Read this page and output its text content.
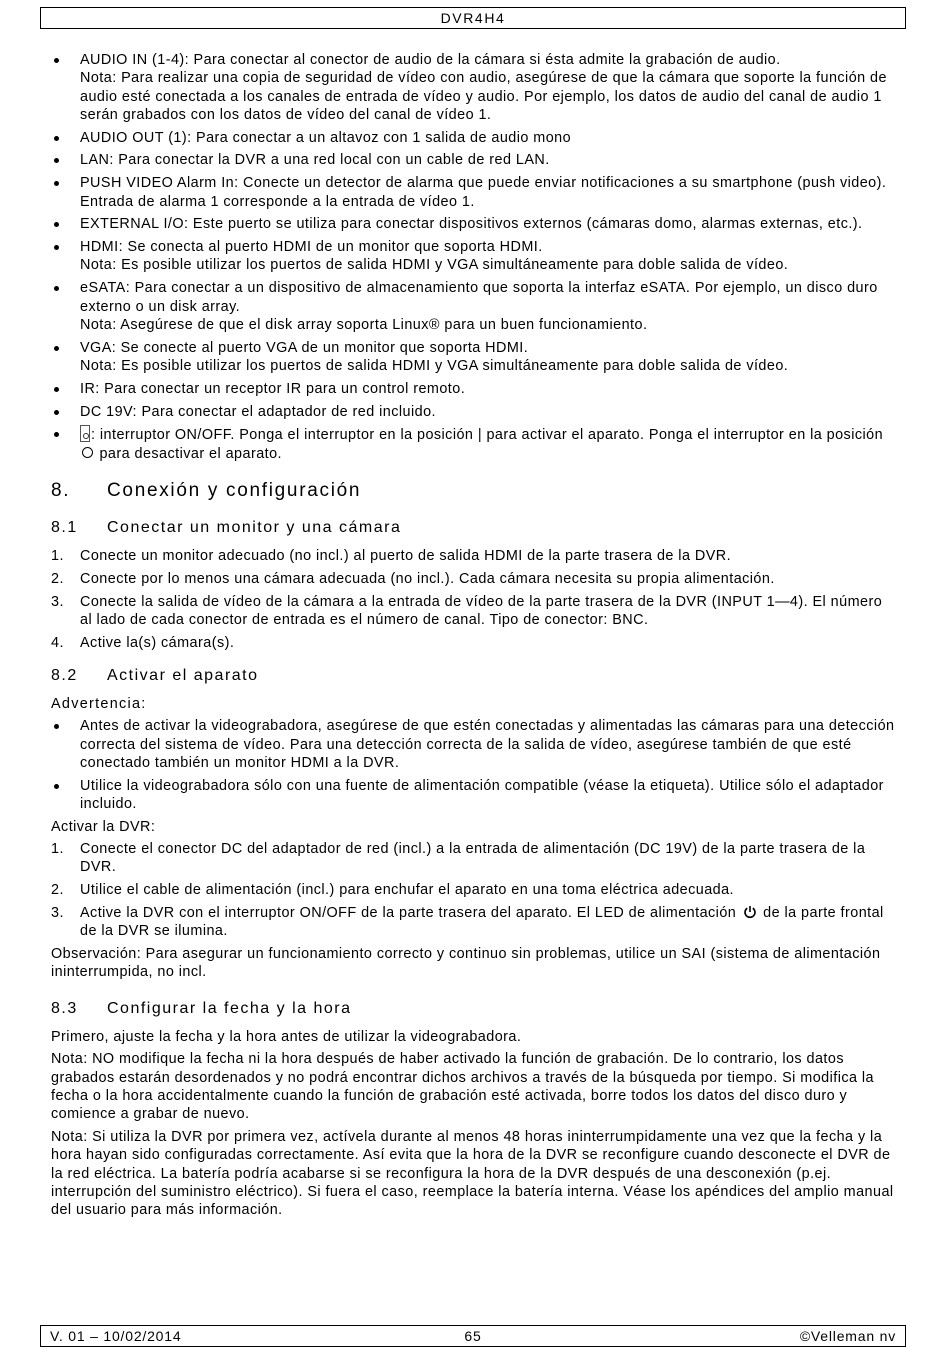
DVR4H4

AUDIO IN (1-4): Para conectar al conector de audio de la cámara si ésta admite la grabación de audio.

Nota: Para realizar una copia de seguridad de vídeo con audio, asegúrese de que la cámara que soporte la función de audio esté conectada a los canales de entrada de vídeo y audio. Por ejemplo, los datos de audio del canal de audio 1 serán grabados con los datos de vídeo del canal de vídeo 1.

AUDIO OUT (1): Para conectar a un altavoz con 1 salida de audio mono

LAN: Para conectar la DVR a una red local con un cable de red LAN.

PUSH VIDEO Alarm In: Conecte un detector de alarma que puede enviar notificaciones a su smartphone (push video). Entrada de alarma 1 corresponde a la entrada de vídeo 1.

EXTERNAL I/O: Este puerto se utiliza para conectar dispositivos externos (cámaras domo, alarmas externas, etc.).

HDMI: Se conecta al puerto HDMI de un monitor que soporta HDMI.

Nota: Es posible utilizar los puertos de salida HDMI y VGA simultáneamente para doble salida de vídeo.

eSATA: Para conectar a un dispositivo de almacenamiento que soporta la interfaz eSATA. Por ejemplo, un disco duro externo o un disk array.

Nota: Asegúrese de que el disk array soporta Linux® para un buen funcionamiento.

VGA: Se conecte al puerto VGA de un monitor que soporta HDMI.

Nota: Es posible utilizar los puertos de salida HDMI y VGA simultáneamente para doble salida de vídeo.

IR: Para conectar un receptor IR para un control remoto.

DC 19V: Para conectar el adaptador de red incluido.

: interruptor ON/OFF. Ponga el interruptor en la posición | para activar el aparato. Ponga el interruptor en la posición  para desactivar el aparato.

8. Conexión y configuración
8.1 Conectar un monitor y una cámara
1. Conecte un monitor adecuado (no incl.) al puerto de salida HDMI de la parte trasera de la DVR.
2. Conecte por lo menos una cámara adecuada (no incl.). Cada cámara necesita su propia alimentación.
3. Conecte la salida de vídeo de la cámara a la entrada de vídeo de la parte trasera de la DVR (INPUT 1—4). El número al lado de cada conector de entrada es el número de canal. Tipo de conector: BNC.
4. Active la(s) cámara(s).
8.2 Activar el aparato

Advertencia:

Antes de activar la videograbadora, asegúrese de que estén conectadas y alimentadas las cámaras para una detección correcta del sistema de vídeo. Para una detección correcta de la salida de vídeo, asegúrese también de que esté conectado también un monitor HDMI a la DVR.

Utilice la videograbadora sólo con una fuente de alimentación compatible (véase la etiqueta). Utilice sólo el adaptador incluido.

Activar la DVR:

1. Conecte el conector DC del adaptador de red (incl.) a la entrada de alimentación (DC 19V) de la parte trasera de la DVR.
2. Utilice el cable de alimentación (incl.) para enchufar el aparato en una toma eléctrica adecuada.
3. Active la DVR con el interruptor ON/OFF de la parte trasera del aparato. El LED de alimentación de la parte frontal de la DVR se ilumina.

Observación: Para asegurar un funcionamiento correcto y continuo sin problemas, utilice un SAI (sistema de alimentación ininterrumpida, no incl.

8.3 Configurar la fecha y la hora

Primero, ajuste la fecha y la hora antes de utilizar la videograbadora.

Nota: NO modifique la fecha ni la hora después de haber activado la función de grabación. De lo contrario, los datos grabados estarán desordenados y no podrá encontrar dichos archivos a través de la búsqueda por tiempo. Si modifica la fecha o la hora accidentalmente cuando la función de grabación esté activada, borre todos los datos del disco duro y comience a grabar de nuevo.

Nota: Si utiliza la DVR por primera vez, actívela durante al menos 48 horas ininterrumpidamente una vez que la fecha y la hora hayan sido configuradas correctamente. Así evita que la hora de la DVR se reconfigure cuando desconecte el DVR de la red eléctrica. La batería podría acabarse si se reconfigura la hora de la DVR después de una desconexión (p.ej. interrupción del suministro eléctrico). Si fuera el caso, reemplace la batería interna. Véase los apéndices del amplio manual del usuario para más información.

V. 01 – 10/02/2014	65	©Velleman nv
